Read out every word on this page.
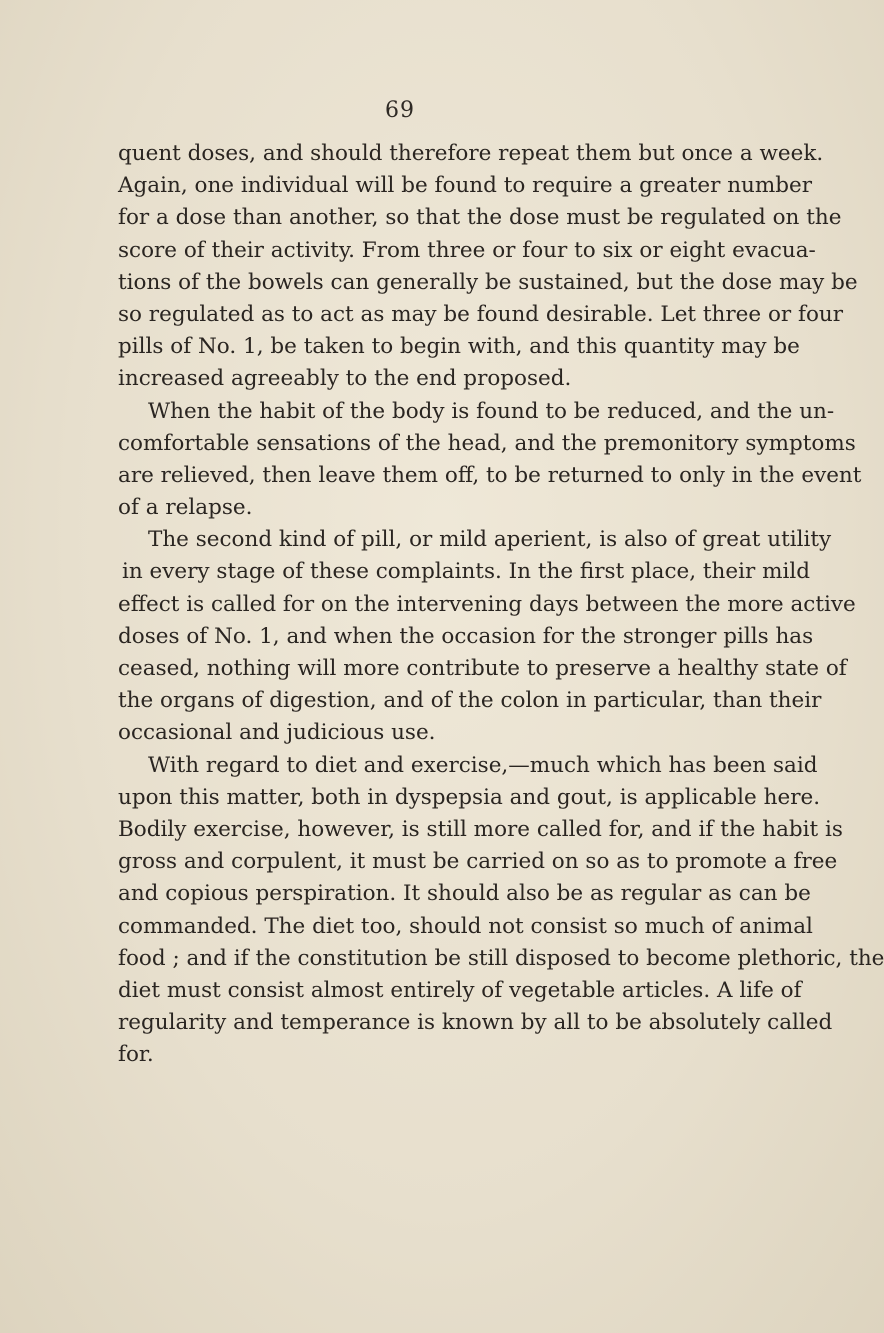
69
quent doses, and should therefore repeat them but once a week.
Again, one individual will be found to require a greater number
for a dose than another, so that the dose must be regulated on the
score of their activity. From three or four to six or eight evacua-
tions of the bowels can generally be sustained, but the dose may be
so regulated as to act as may be found desirable. Let three or four
pills of No. 1, be taken to begin with, and this quantity may be
increased agreeably to the end proposed.
When the habit of the body is found to be reduced, and the un-
comfortable sensations of the head, and the premonitory symptoms
are relieved, then leave them off, to be returned to only in the event
of a relapse.
The second kind of pill, or mild aperient, is also of great utility
in every stage of these complaints. In the first place, their mild
effect is called for on the intervening days between the more active
doses of No. 1, and when the occasion for the stronger pills has
ceased, nothing will more contribute to preserve a healthy state of
the organs of digestion, and of the colon in particular, than their
occasional and judicious use.
With regard to diet and exercise,—much which has been said
upon this matter, both in dyspepsia and gout, is applicable here.
Bodily exercise, however, is still more called for, and if the habit is
gross and corpulent, it must be carried on so as to promote a free
and copious perspiration. It should also be as regular as can be
commanded. The diet too, should not consist so much of animal
food ; and if the constitution be still disposed to become plethoric, the
diet must consist almost entirely of vegetable articles. A life of
regularity and temperance is known by all to be absolutely called
for.
